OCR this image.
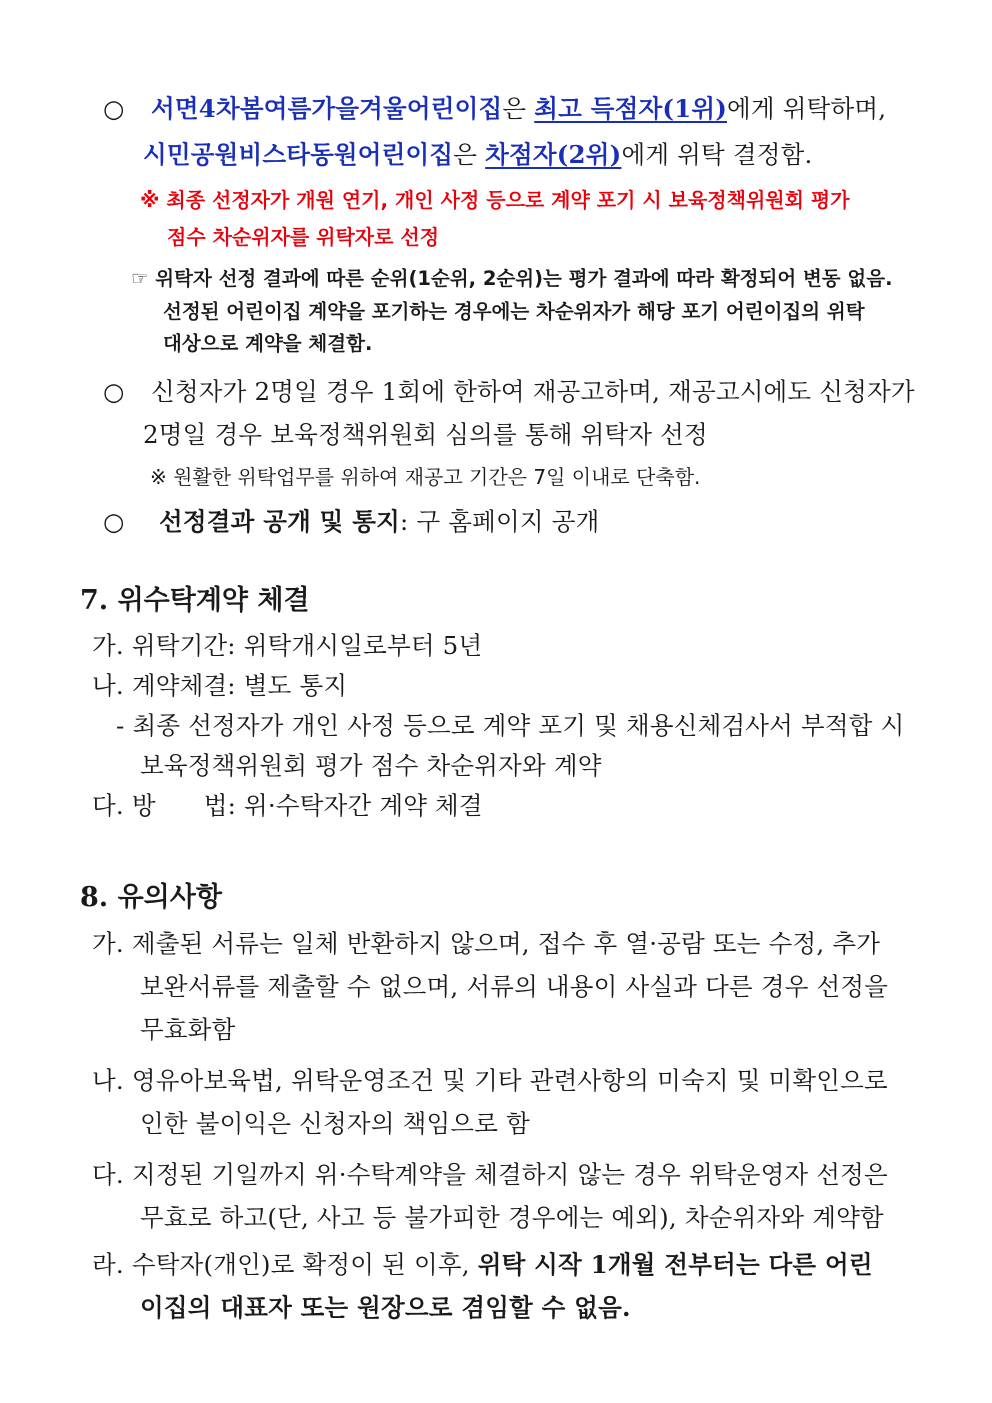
○ 서면4차봄여름가을겨울어린이집은 최고 득점자(1위)에게 위탁하며,
시민공원비스타동원어린이집은 차점자(2위)에게 위탁 결정함.
※ 최종 선정자가 개원 연기, 개인 사정 등으로 계약 포기 시 보육정책위원회 평가
점수 차순위자를 위탁자로 선정
☞ 위탁자 선정 결과에 따른 순위(1순위, 2순위)는 평가 결과에 따라 확정되어 변동 없음.
선정된 어린이집 계약을 포기하는 경우에는 차순위자가 해당 포기 어린이집의 위탁
대상으로 계약을 체결함.
○ 신청자가 2명일 경우 1회에 한하여 재공고하며, 재공고시에도 신청자가
2명일 경우 보육정책위원회 심의를 통해 위탁자 선정
※ 원활한 위탁업무를 위하여 재공고 기간은 7일 이내로 단축함.
○ 선정결과 공개 및 통지: 구 홈페이지 공개
7. 위수탁계약 체결
가. 위탁기간: 위탁개시일로부터 5년
나. 계약체결: 별도 통지
- 최종 선정자가 개인 사정 등으로 계약 포기 및 채용신체검사서 부적합 시
보육정책위원회 평가 점수 차순위자와 계약
다. 방 법: 위·수탁자간 계약 체결
8. 유의사항
가. 제출된 서류는 일체 반환하지 않으며, 접수 후 열·공람 또는 수정, 추가
보완서류를 제출할 수 없으며, 서류의 내용이 사실과 다른 경우 선정을
무효화함
나. 영유아보육법, 위탁운영조건 및 기타 관련사항의 미숙지 및 미확인으로
인한 불이익은 신청자의 책임으로 함
다. 지정된 기일까지 위·수탁계약을 체결하지 않는 경우 위탁운영자 선정은
무효로 하고(단, 사고 등 불가피한 경우에는 예외), 차순위자와 계약함
라. 수탁자(개인)로 확정이 된 이후, 위탁 시작 1개월 전부터는 다른 어린
이집의 대표자 또는 원장으로 겸임할 수 없음.
